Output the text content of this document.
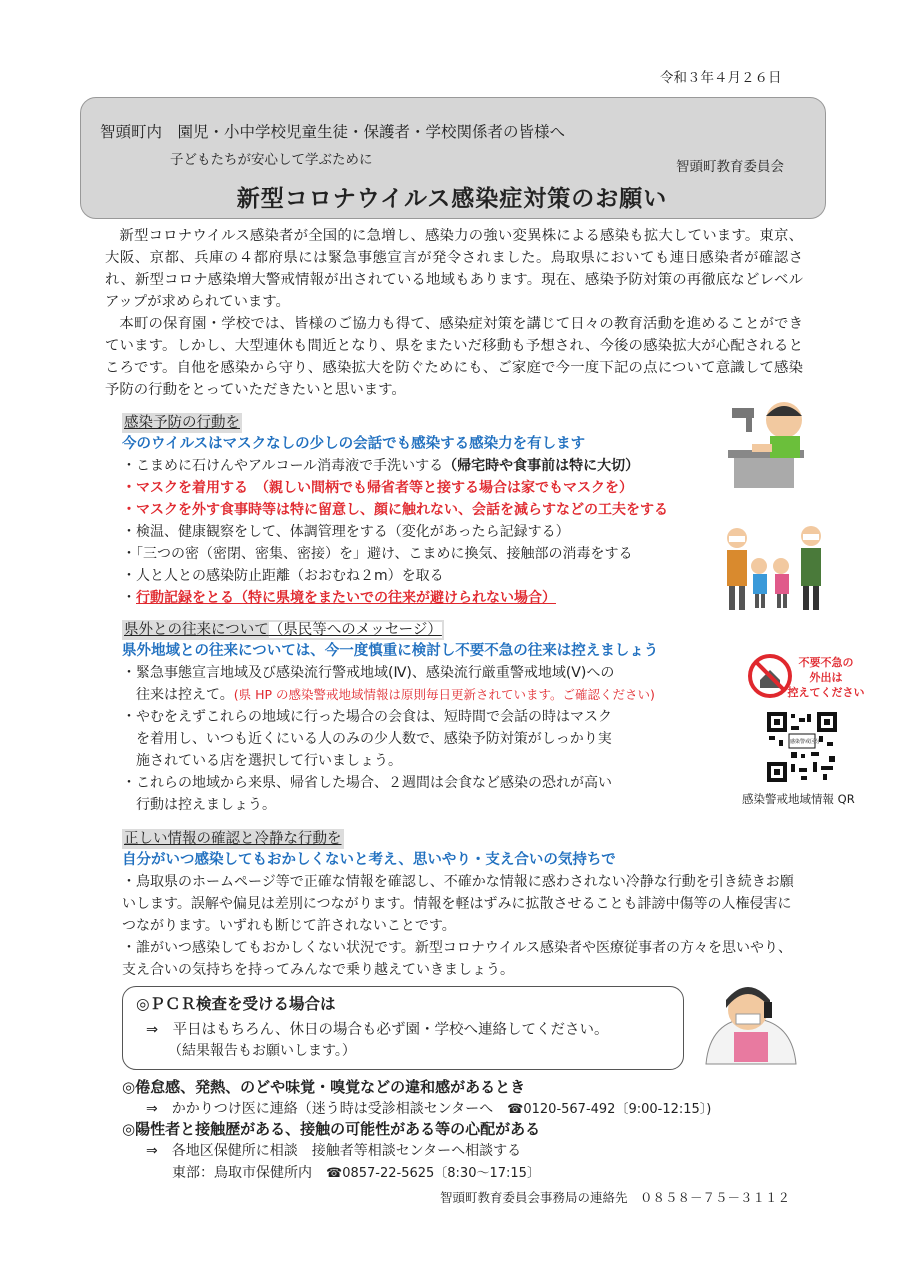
令和３年４月２６日
智頭町内　園児・小中学校児童生徒・保護者・学校関係者の皆様へ
子どもたちが安心して学ぶために	智頭町教育委員会
新型コロナウイルス感染症対策のお願い
新型コロナウイルス感染者が全国的に急増し、感染力の強い変異株による感染も拡大しています。東京、大阪、京都、兵庫の４都府県には緊急事態宣言が発令されました。鳥取県においても連日感染者が確認され、新型コロナ感染増大警戒情報が出されている地域もあります。現在、感染予防対策の再徹底などレベルアップが求められています。
本町の保育園・学校では、皆様のご協力も得て、感染症対策を講じて日々の教育活動を進めることができています。しかし、大型連休も間近となり、県をまたいだ移動も予想され、今後の感染拡大が心配されるところです。自他を感染から守り、感染拡大を防ぐためにも、ご家庭で今一度下記の点について意識して感染予防の行動をとっていただきたいと思います。
感染予防の行動を
今のウイルスはマスクなしの少しの会話でも感染する感染力を有します
・こまめに石けんやアルコール消毒液で手洗いする（帰宅時や食事前は特に大切）
・マスクを着用する　（親しい間柄でも帰省者等と接する場合は家でもマスクを）
・マスクを外す食事時等は特に留意し、顔に触れない、会話を減らすなどの工夫をする
・検温、健康観察をして、体調管理をする（変化があったら記録する）
・｢三つの密（密閉、密集、密接）を」避け、こまめに換気、接触部の消毒をする
・人と人との感染防止距離（おおむね２m）を取る
・行動記録をとる（特に県境をまたいでの往来が避けられない場合）
県外との往来について（県民等へのメッセージ）
県外地域との往来については、今一度慎重に検討し不要不急の往来は控えましょう
・緊急事態宣言地域及び感染流行警戒地域(Ⅳ)、感染流行厳重警戒地域(Ⅴ)への
往来は控えて。(県 HP の感染警戒地域情報は原則毎日更新されています。ご確認ください)
・やむをえずこれらの地域に行った場合の会食は、短時間で会話の時はマスク
を着用し、いつも近くにいる人のみの少人数で、感染予防対策がしっかり実
施されている店を選択して行いましょう。
・これらの地域から来県、帰省した場合、２週間は会食など感染の恐れが高い
行動は控えましょう。
不要不急の
外出は
控えてください
感染警戒区分
感染警戒地域情報 QR
正しい情報の確認と冷静な行動を
自分がいつ感染してもおかしくないと考え、思いやり・支え合いの気持ちで
・鳥取県のホームページ等で正確な情報を確認し、不確かな情報に惑わされない冷静な行動を引き続きお願いします。誤解や偏見は差別につながります。情報を軽はずみに拡散させることも誹謗中傷等の人権侵害につながります。いずれも断じて許されないことです。
・誰がいつ感染してもおかしくない状況です。新型コロナウイルス感染者や医療従事者の方々を思いやり、支え合いの気持ちを持ってみんなで乗り越えていきましょう。
◎ＰＣＲ検査を受ける場合は
⇒　平日はもちろん、休日の場合も必ず園・学校へ連絡してください。
（結果報告もお願いします。）
◎倦怠感、発熱、のどや味覚・嗅覚などの違和感があるとき
⇒　かかりつけ医に連絡（迷う時は受診相談センターへ　 ☎0120-567-492〔9:00-12:15〕)
◎陽性者と接触歴がある、接触の可能性がある等の心配がある
⇒　各地区保健所に相談　接触者等相談センターへ相談する
東部：鳥取市保健所内　 ☎0857-22-5625〔8:30～17:15〕
智頭町教育委員会事務局の連絡先　０８５８－７５－３１１２
